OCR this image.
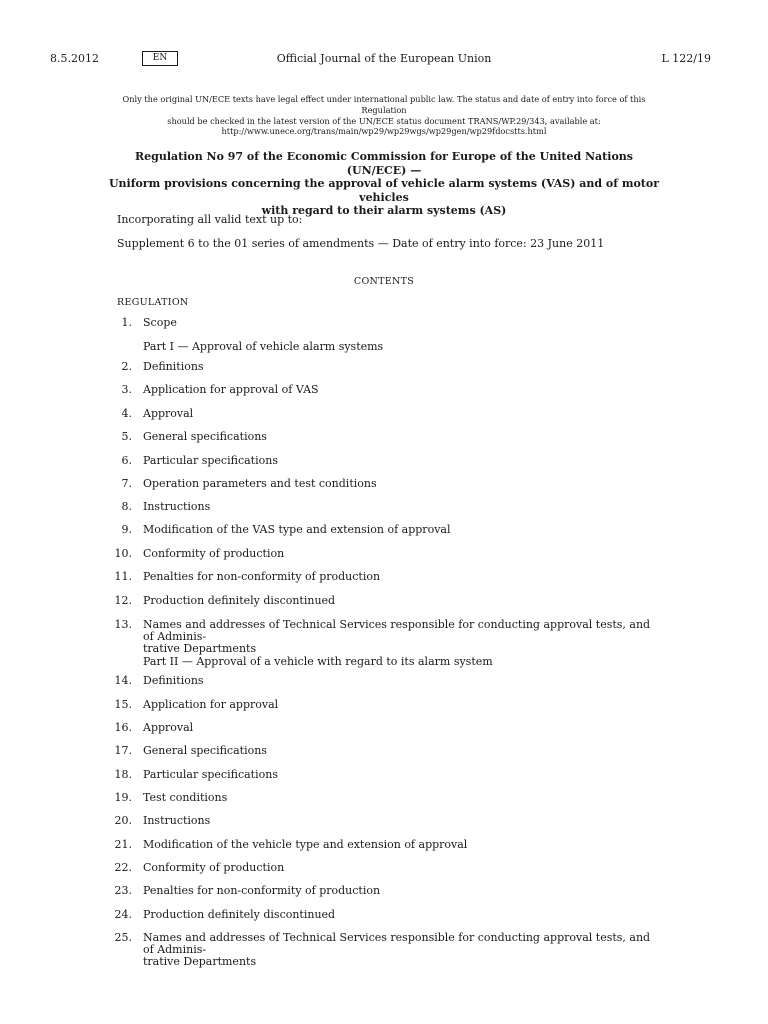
8.5.2012	EN	Official Journal of the European Union	L 122/19
Only the original UN/ECE texts have legal effect under international public law. The status and date of entry into force of this Regulation
should be checked in the latest version of the UN/ECE status document TRANS/WP.29/343, available at:
http://www.unece.org/trans/main/wp29/wp29wgs/wp29gen/wp29fdocstts.html
Regulation No 97 of the Economic Commission for Europe of the United Nations (UN/ECE) —
Uniform provisions concerning the approval of vehicle alarm systems (VAS) and of motor vehicles
with regard to their alarm systems (AS)
Incorporating all valid text up to:
Supplement 6 to the 01 series of amendments — Date of entry into force: 23 June 2011
CONTENTS
REGULATION
1. Scope
Part I — Approval of vehicle alarm systems
2. Definitions
3. Application for approval of VAS
4. Approval
5. General specifications
6. Particular specifications
7. Operation parameters and test conditions
8. Instructions
9. Modification of the VAS type and extension of approval
10. Conformity of production
11. Penalties for non-conformity of production
12. Production definitely discontinued
13. Names and addresses of Technical Services responsible for conducting approval tests, and of Adminis-
trative Departments
Part II — Approval of a vehicle with regard to its alarm system
14. Definitions
15. Application for approval
16. Approval
17. General specifications
18. Particular specifications
19. Test conditions
20. Instructions
21. Modification of the vehicle type and extension of approval
22. Conformity of production
23. Penalties for non-conformity of production
24. Production definitely discontinued
25. Names and addresses of Technical Services responsible for conducting approval tests, and of Adminis-
trative Departments
